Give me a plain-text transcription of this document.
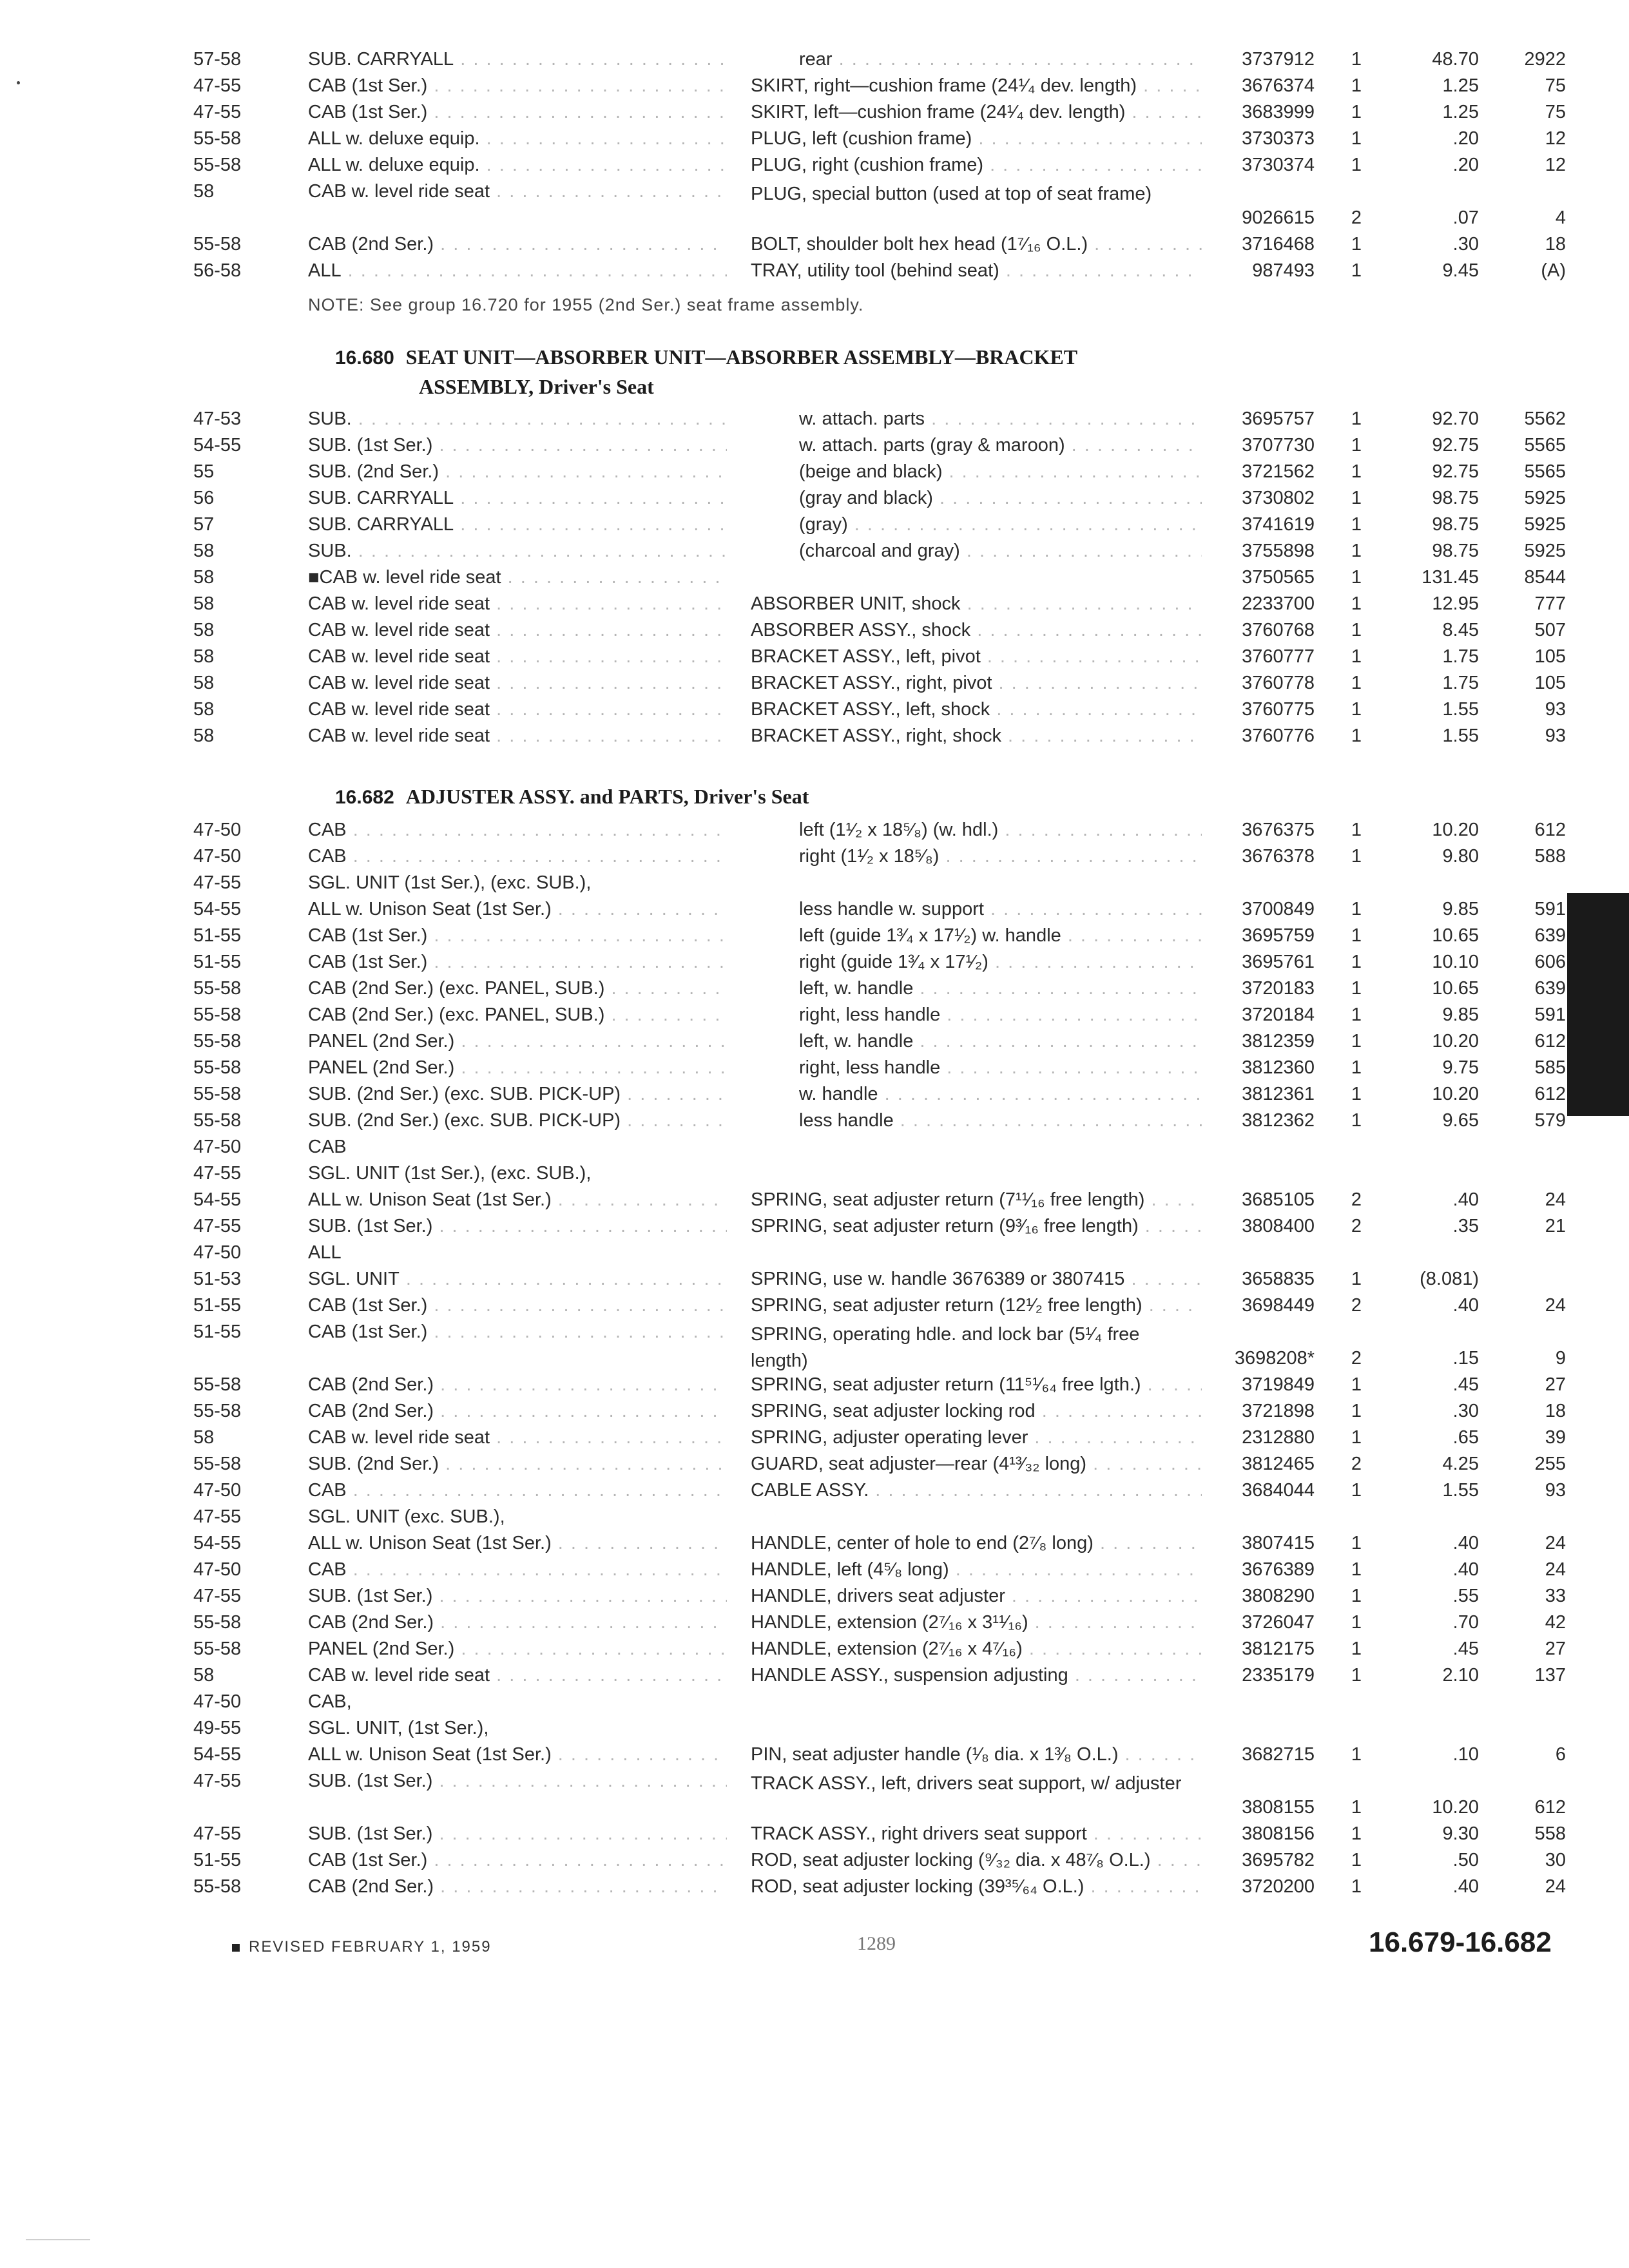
57-58	SUB. CARRYALL . . .	rear . . .	3737912	1	48.70	2922
47-55	CAB (1st Ser.) . . .	SKIRT, right—cushion frame (24¹⁄₄ dev. length) . . .	3676374	1	1.25	75
47-55	CAB (1st Ser.) . . .	SKIRT, left—cushion frame (24¹⁄₄ dev. length) . . .	3683999	1	1.25	75
55-58	ALL w. deluxe equip. . . .	PLUG, left (cushion frame) . . .	3730373	1	.20	12
55-58	ALL w. deluxe equip. . . .	PLUG, right (cushion frame) . . .	3730374	1	.20	12
58	CAB w. level ride seat . . .	PLUG, special button (used at top of seat frame)
9026615	2	.07	4
55-58	CAB (2nd Ser.) . . .	BOLT, shoulder bolt hex head (1⁷⁄₁₆ O.L.) . . .	3716468	1	.30	18
56-58	ALL . . .	TRAY, utility tool (behind seat) . . .	987493	1	9.45	(A)
NOTE: See group 16.720 for 1955 (2nd Ser.) seat frame assembly.
16.680 SEAT UNIT—ABSORBER UNIT—ABSORBER ASSEMBLY—BRACKET
ASSEMBLY, Driver's Seat
47-53	SUB. . . .	w. attach. parts . . .	3695757	1	92.70	5562
54-55	SUB. (1st Ser.) . . .	w. attach. parts (gray & maroon) . . .	3707730	1	92.75	5565
55	SUB. (2nd Ser.) . . .	(beige and black) . . .	3721562	1	92.75	5565
56	SUB. CARRYALL . . .	(gray and black) . . .	3730802	1	98.75	5925
57	SUB. CARRYALL . . .	(gray) . . .	3741619	1	98.75	5925
58	SUB. . . .	(charcoal and gray) . . .	3755898	1	98.75	5925
58	■CAB w. level ride seat . . .	3750565	1	131.45	8544
58	CAB w. level ride seat . . .	ABSORBER UNIT, shock . . .	2233700	1	12.95	777
58	CAB w. level ride seat . . .	ABSORBER ASSY., shock . . .	3760768	1	8.45	507
58	CAB w. level ride seat . . .	BRACKET ASSY., left, pivot . . .	3760777	1	1.75	105
58	CAB w. level ride seat . . .	BRACKET ASSY., right, pivot . . .	3760778	1	1.75	105
58	CAB w. level ride seat . . .	BRACKET ASSY., left, shock . . .	3760775	1	1.55	93
58	CAB w. level ride seat . . .	BRACKET ASSY., right, shock . . .	3760776	1	1.55	93
16.682 ADJUSTER ASSY. and PARTS, Driver's Seat
47-50	CAB . . .	left (1¹⁄₂ x 18⁵⁄₈) (w. hdl.) . . .	3676375	1	10.20	612
47-50	CAB . . .	right (1¹⁄₂ x 18⁵⁄₈) . . .	3676378	1	9.80	588
47-55	SGL. UNIT (1st Ser.), (exc. SUB.),
54-55	ALL w. Unison Seat (1st Ser.) . . .	less handle w. support . . .	3700849	1	9.85	591
51-55	CAB (1st Ser.) . . .	left (guide 1³⁄₄ x 17¹⁄₂) w. handle . . .	3695759	1	10.65	639
51-55	CAB (1st Ser.) . . .	right (guide 1³⁄₄ x 17¹⁄₂) . . .	3695761	1	10.10	606
55-58	CAB (2nd Ser.) (exc. PANEL, SUB.) . . .	left, w. handle . . .	3720183	1	10.65	639
55-58	CAB (2nd Ser.) (exc. PANEL, SUB.) . . .	right, less handle . . .	3720184	1	9.85	591
55-58	PANEL (2nd Ser.) . . .	left, w. handle . . .	3812359	1	10.20	612
55-58	PANEL (2nd Ser.) . . .	right, less handle . . .	3812360	1	9.75	585
55-58	SUB. (2nd Ser.) (exc. SUB. PICK-UP) . . .	w. handle . . .	3812361	1	10.20	612
55-58	SUB. (2nd Ser.) (exc. SUB. PICK-UP) . . .	less handle . . .	3812362	1	9.65	579
47-50	CAB
47-55	SGL. UNIT (1st Ser.), (exc. SUB.),
54-55	ALL w. Unison Seat (1st Ser.) . . .	SPRING, seat adjuster return (7¹¹⁄₁₆ free length) . . .	3685105	2	.40	24
47-55	SUB. (1st Ser.) . . .	SPRING, seat adjuster return (9³⁄₁₆ free length) . . .	3808400	2	.35	21
47-50	ALL
51-53	SGL. UNIT . . .	SPRING, use w. handle 3676389 or 3807415 . . .	3658835	1	(8.081)
51-55	CAB (1st Ser.) . . .	SPRING, seat adjuster return (12¹⁄₂ free length) . . .	3698449	2	.40	24
51-55	CAB (1st Ser.) . . .	SPRING, operating hdle. and lock bar (5¹⁄₄ free length)	3698208*	2	.15	9
55-58	CAB (2nd Ser.) . . .	SPRING, seat adjuster return (11⁵¹⁄₆₄ free lgth.) . . .	3719849	1	.45	27
55-58	CAB (2nd Ser.) . . .	SPRING, seat adjuster locking rod . . .	3721898	1	.30	18
58	CAB w. level ride seat . . .	SPRING, adjuster operating lever . . .	2312880	1	.65	39
55-58	SUB. (2nd Ser.) . . .	GUARD, seat adjuster—rear (4¹³⁄₃₂ long) . . .	3812465	2	4.25	255
47-50	CAB . . .	CABLE ASSY. . . .	3684044	1	1.55	93
47-55	SGL. UNIT (exc. SUB.),
54-55	ALL w. Unison Seat (1st Ser.) . . .	HANDLE, center of hole to end (2⁷⁄₈ long) . . .	3807415	1	.40	24
47-50	CAB . . .	HANDLE, left (4⁵⁄₈ long) . . .	3676389	1	.40	24
47-55	SUB. (1st Ser.) . . .	HANDLE, drivers seat adjuster . . .	3808290	1	.55	33
55-58	CAB (2nd Ser.) . . .	HANDLE, extension (2⁷⁄₁₆ x 3¹¹⁄₁₆) . . .	3726047	1	.70	42
55-58	PANEL (2nd Ser.) . . .	HANDLE, extension (2⁷⁄₁₆ x 4⁷⁄₁₆) . . .	3812175	1	.45	27
58	CAB w. level ride seat . . .	HANDLE ASSY., suspension adjusting . . .	2335179	1	2.10	137
47-50	CAB,
49-55	SGL. UNIT, (1st Ser.),
54-55	ALL w. Unison Seat (1st Ser.) . . .	PIN, seat adjuster handle (¹⁄₈ dia. x 1³⁄₈ O.L.) . . .	3682715	1	.10	6
47-55	SUB. (1st Ser.) . . .	TRACK ASSY., left, drivers seat support, w/ adjuster
3808155	1	10.20	612
47-55	SUB. (1st Ser.) . . .	TRACK ASSY., right drivers seat support . . .	3808156	1	9.30	558
51-55	CAB (1st Ser.) . . .	ROD, seat adjuster locking (⁹⁄₃₂ dia. x 48⁷⁄₈ O.L.) . . .	3695782	1	.50	30
55-58	CAB (2nd Ser.) . . .	ROD, seat adjuster locking (39³⁵⁄₆₄ O.L.) . . .	3720200	1	.40	24
REVISED FEBRUARY 1, 1959	1289	16.679-16.682
